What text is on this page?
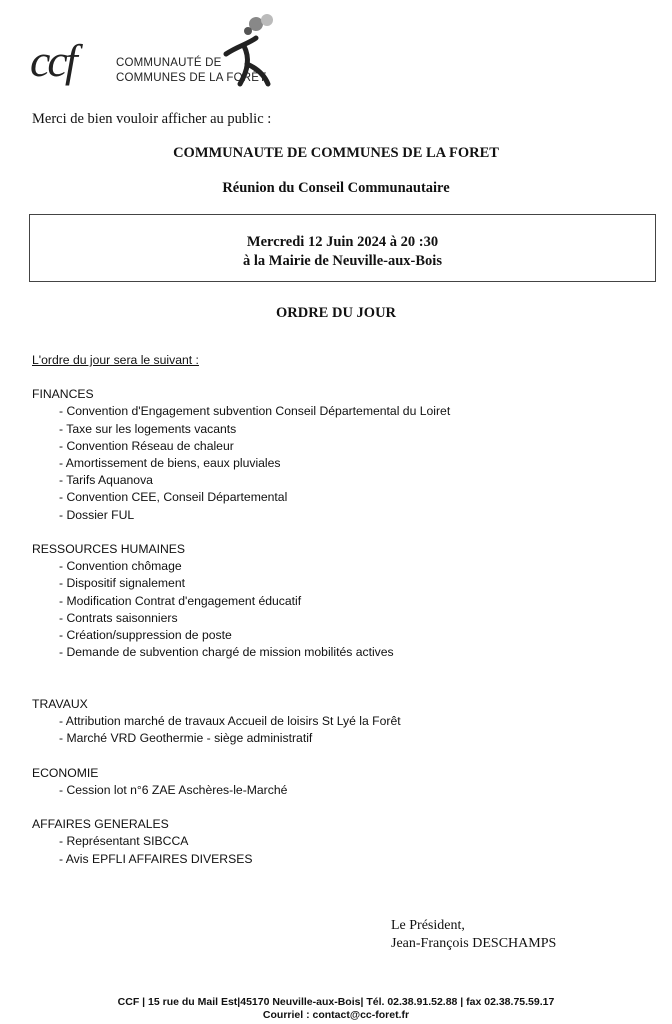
ccf	COMMUNAUTÉ DE
COMMUNES DE LA FORÊT
Merci de bien vouloir afficher au public :
COMMUNAUTE DE COMMUNES DE LA FORET
Réunion du Conseil Communautaire
Mercredi 12 Juin 2024 à 20 :30
à la Mairie de Neuville-aux-Bois
ORDRE DU JOUR
L'ordre du jour sera le suivant :
FINANCES
- Convention d'Engagement subvention Conseil Départemental du Loiret
- Taxe sur les logements vacants
- Convention Réseau de chaleur
- Amortissement de biens, eaux pluviales
- Tarifs Aquanova
- Convention CEE, Conseil Départemental
- Dossier FUL
RESSOURCES HUMAINES
- Convention chômage
- Dispositif signalement
- Modification Contrat d'engagement éducatif
- Contrats saisonniers
- Création/suppression de poste
- Demande de subvention chargé de mission mobilités actives
TRAVAUX
- Attribution marché de travaux Accueil de loisirs St Lyé la Forêt
- Marché VRD Geothermie - siège administratif
ECONOMIE
- Cession lot n°6 ZAE Aschères-le-Marché
AFFAIRES GENERALES
- Représentant SIBCCA
- Avis EPFLI AFFAIRES DIVERSES
Le Président,
Jean-François DESCHAMPS
CCF | 15 rue du Mail Est|45170 Neuville-aux-Bois| Tél. 02.38.91.52.88 | fax 02.38.75.59.17
Courriel : contact@cc-foret.fr
